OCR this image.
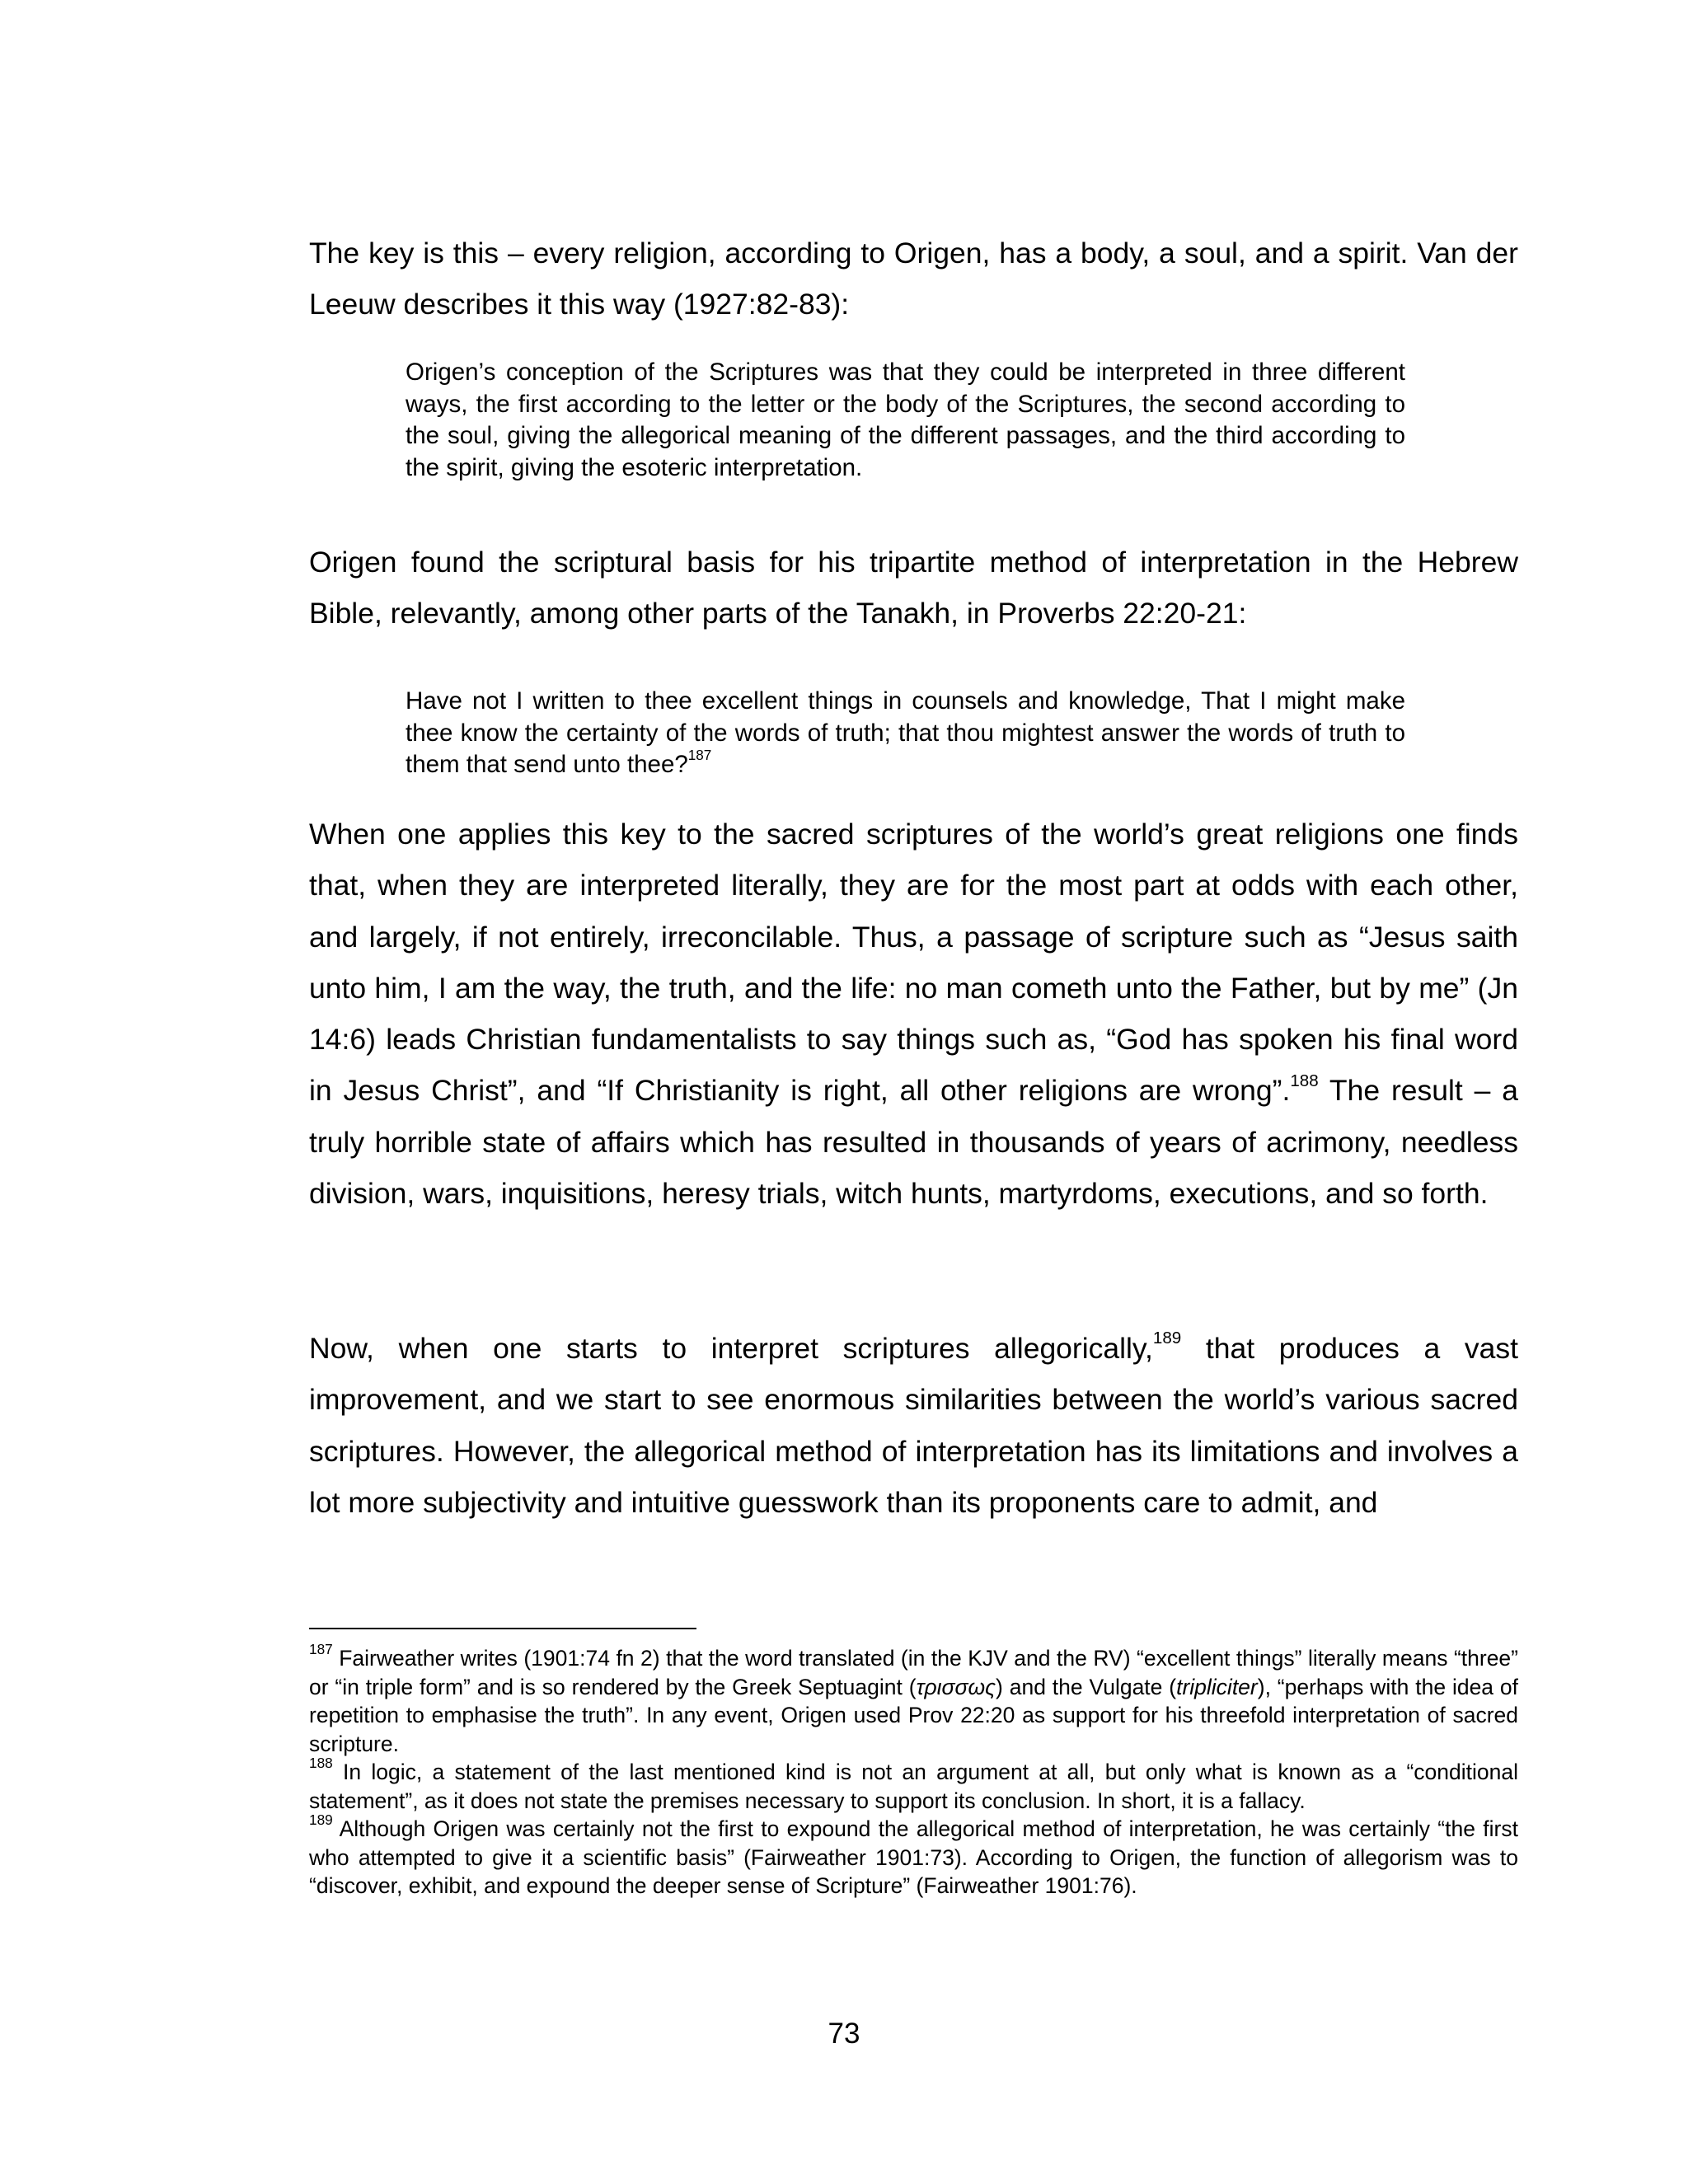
The key is this – every religion, according to Origen, has a body, a soul, and a spirit. Van der Leeuw describes it this way (1927:82-83):

Origen’s conception of the Scriptures was that they could be interpreted in three different ways, the first according to the letter or the body of the Scriptures, the second according to the soul, giving the allegorical meaning of the different passages, and the third according to the spirit, giving the esoteric interpretation.

Origen found the scriptural basis for his tripartite method of interpretation in the Hebrew Bible, relevantly, among other parts of the Tanakh, in Proverbs 22:20-21:

Have not I written to thee excellent things in counsels and knowledge, That I might make thee know the certainty of the words of truth; that thou mightest answer the words of truth to them that send unto thee?$^{187}$

When one applies this key to the sacred scriptures of the world’s great religions one finds that, when they are interpreted literally, they are for the most part at odds with each other, and largely, if not entirely, irreconcilable. Thus, a passage of scripture such as “Jesus saith unto him, I am the way, the truth, and the life: no man cometh unto the Father, but by me” (Jn 14:6) leads Christian fundamentalists to say things such as, “God has spoken his final word in Jesus Christ”, and “If Christianity is right, all other religions are wrong”.$^{188}$ The result – a truly horrible state of affairs which has resulted in thousands of years of acrimony, needless division, wars, inquisitions, heresy trials, witch hunts, martyrdoms, executions, and so forth.

Now, when one starts to interpret scriptures allegorically,$^{189}$ that produces a vast improvement, and we start to see enormous similarities between the world’s various sacred scriptures. However, the allegorical method of interpretation has its limitations and involves a lot more subjectivity and intuitive guesswork than its proponents care to admit, and

$^{187}$ Fairweather writes (1901:74 fn 2) that the word translated (in the KJV and the RV) “excellent things” literally means “three” or “in triple form” and is so rendered by the Greek Septuagint (τρισσως) and the Vulgate (tripliciter), “perhaps with the idea of repetition to emphasise the truth”. In any event, Origen used Prov 22:20 as support for his threefold interpretation of sacred scripture.

$^{188}$ In logic, a statement of the last mentioned kind is not an argument at all, but only what is known as a “conditional statement”, as it does not state the premises necessary to support its conclusion. In short, it is a fallacy.

$^{189}$ Although Origen was certainly not the first to expound the allegorical method of interpretation, he was certainly “the first who attempted to give it a scientific basis” (Fairweather 1901:73). According to Origen, the function of allegorism was to “discover, exhibit, and expound the deeper sense of Scripture” (Fairweather 1901:76).

73
